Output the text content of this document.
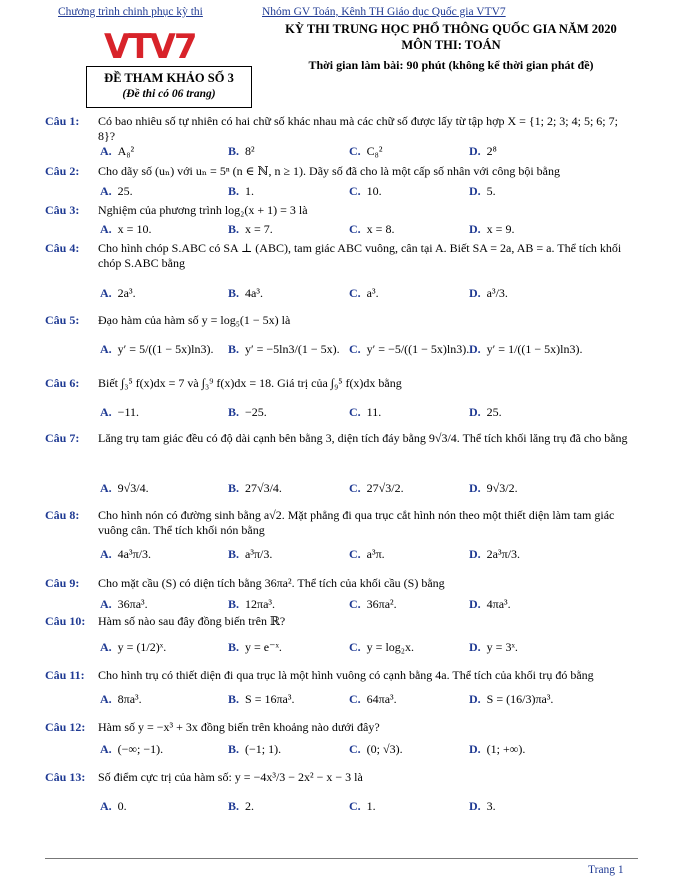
Chương trình chinh phục kỳ thi	Nhóm GV Toán, Kênh TH Giáo dục Quốc gia VTV7
VTV7	KỲ THI TRUNG HỌC PHỔ THÔNG QUỐC GIA NĂM 2020
MÔN THI: TOÁN
Thời gian làm bài: 90 phút (không kể thời gian phát đề)
ĐỀ THAM KHẢO SỐ 3
(Đề thi có 06 trang)
Câu 1: Có bao nhiêu số tự nhiên có hai chữ số khác nhau mà các chữ số được lấy từ tập hợp X = {1; 2; 3; 4; 5; 6; 7; 8}?
A. A₈²	B. 8²	C. C₈²	D. 2⁸
Câu 2: Cho dãy số (uₙ) với uₙ = 5ⁿ (n ∈ ℕ, n ≥ 1). Dãy số đã cho là một cấp số nhân với công bội bằng
A. 25.	B. 1.	C. 10.	D. 5.
Câu 3: Nghiệm của phương trình log₂(x + 1) = 3 là
A. x = 10.	B. x = 7.	C. x = 8.	D. x = 9.
Câu 4: Cho hình chóp S.ABC có SA ⊥ (ABC), tam giác ABC vuông, cân tại A. Biết SA = 2a, AB = a. Thể tích khối chóp S.ABC bằng
A. 2a³.	B. 4a³.	C. a³.	D. a³/3.
Câu 5: Đạo hàm của hàm số y = log₅(1 − 5x) là
A. y′ = 5/((1 − 5x)ln3). B. y′ = −5ln3/(1 − 5x). C. y′ = −5/((1 − 5x)ln3). D. y′ = 1/((1 − 5x)ln3).
Câu 6: Biết ∫₃⁵ f(x)dx = 7 và ∫₃⁹ f(x)dx = 18. Giá trị của ∫₉⁵ f(x)dx bằng
A. −11.	B. −25.	C. 11.	D. 25.
Câu 7: Lăng trụ tam giác đều có độ dài cạnh bên bằng 3, diện tích đáy bằng 9√3/4. Thể tích khối lăng trụ đã cho bằng
A. 9√3/4.	B. 27√3/4.	C. 27√3/2.	D. 9√3/2.
Câu 8: Cho hình nón có đường sinh bằng a√2. Mặt phẳng đi qua trục cắt hình nón theo một thiết diện làm tam giác vuông cân. Thể tích khối nón bằng
A. 4a³π/3.	B. a³π/3.	C. a³π.	D. 2a³π/3.
Câu 9: Cho mặt cầu (S) có diện tích bằng 36πa². Thể tích của khối cầu (S) bằng
A. 36πa³.	B. 12πa³.	C. 36πa².	D. 4πa³.
Câu 10: Hàm số nào sau đây đồng biến trên ℝ?
A. y = (1/2)ˣ.	B. y = e⁻ˣ.	C. y = log₂x.	D. y = 3ˣ.
Câu 11: Cho hình trụ có thiết diện đi qua trục là một hình vuông có cạnh bằng 4a. Thể tích của khối trụ đó bằng
A. 8πa³.	B. S = 16πa³.	C. 64πa³.	D. S = (16/3)πa³.
Câu 12: Hàm số y = −x³ + 3x đồng biến trên khoảng nào dưới đây?
A. (−∞; −1).	B. (−1; 1).	C. (0; √3).	D. (1; +∞).
Câu 13: Số điểm cực trị của hàm số: y = −4x³/3 − 2x² − x − 3 là
A. 0.	B. 2.	C. 1.	D. 3.
Trang 1
